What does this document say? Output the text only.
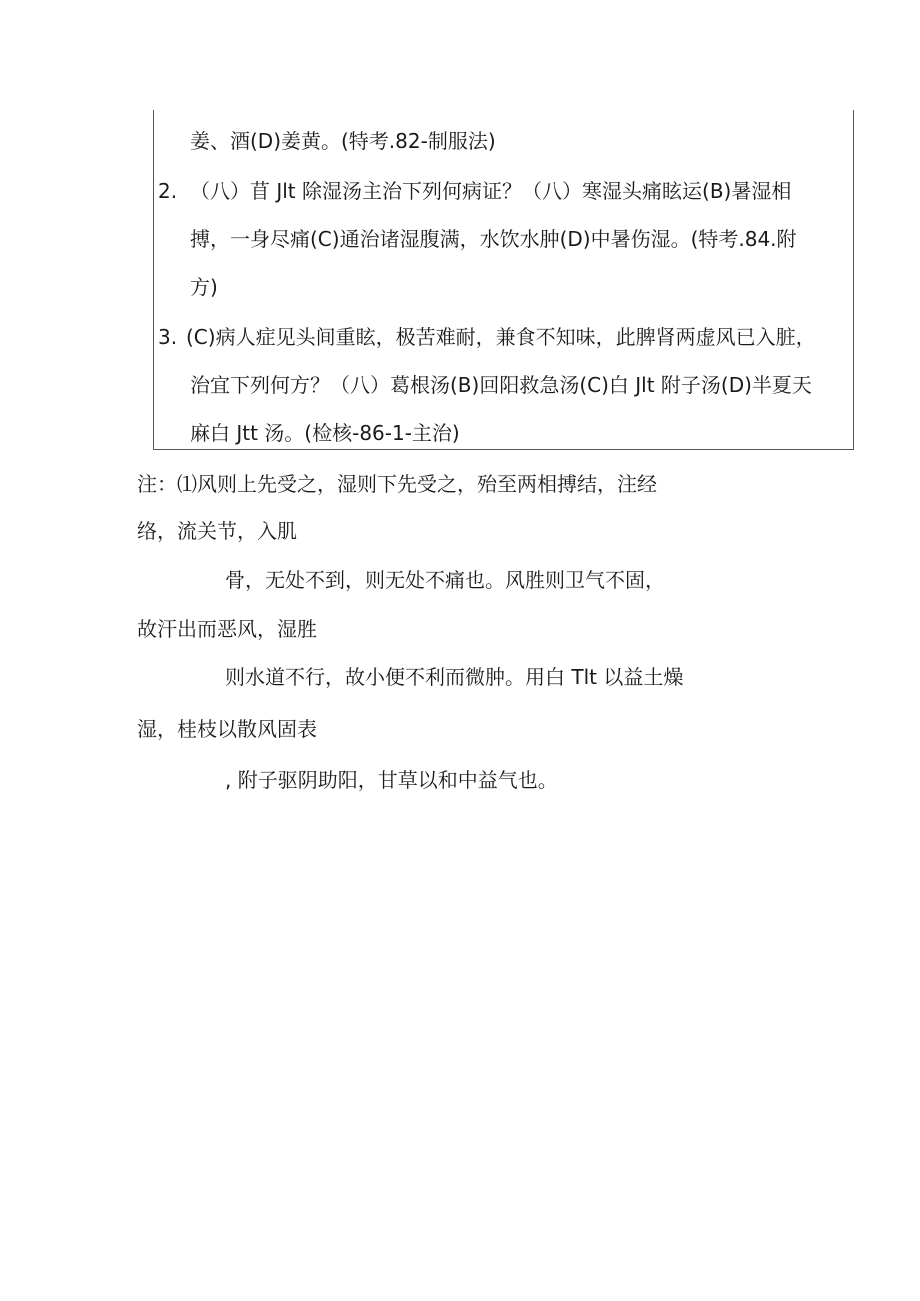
姜、酒(D)姜黄。(特考.82-制服法)
2. （八）苜 Jlt 除湿汤主治下列何病证？（八）寒湿头痛眩运(B)暑湿相
搏，一身尽痛(C)通治诸湿腹满，水饮水肿(D)中暑伤湿。(特考.84.附
方)
3. (C)病人症见头间重眩，极苦难耐，兼食不知味，此脾肾两虚风已入脏，
治宜下列何方？（八）葛根汤(B)回阳救急汤(C)白 Jlt 附子汤(D)半夏天
麻白 Jtt 汤。(检核-86-1-主治)
注：⑴风则上先受之，湿则下先受之，殆至两相搏结，注经
络，流关节，入肌
骨，无处不到，则无处不痛也。风胜则卫气不固，
故汗出而恶风，湿胜
则水道不行，故小便不利而微肿。用白 Tlt 以益土燥
湿，桂枝以散风固表
, 附子驱阴助阳，甘草以和中益气也。
